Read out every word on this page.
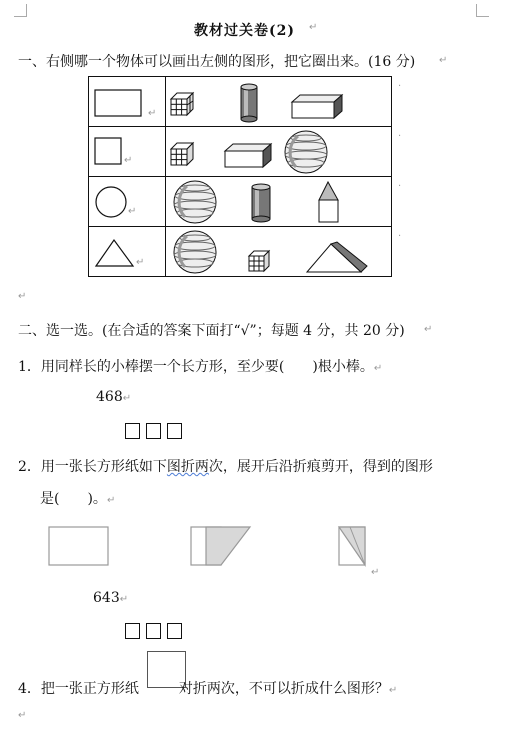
教材过关卷(2) ↵
一、右侧哪一个物体可以画出左侧的图形，把它圈出来。(16 分) ↵
↵	·

↵	·

↵	·

↵	·
↵
二、选一选。(在合适的答案下面打“√”；每题 4 分，共 20 分) ↵
1．用同样长的小棒摆一个长方形，至少要(　　)根小棒。↵
468↵
2．用一张长方形纸如下图折两次，展开后沿折痕剪开，得到的图形
是(　　)。↵
↵
643↵
4．把一张正方形纸	对折两次，不可以折成什么图形？↵
↵
